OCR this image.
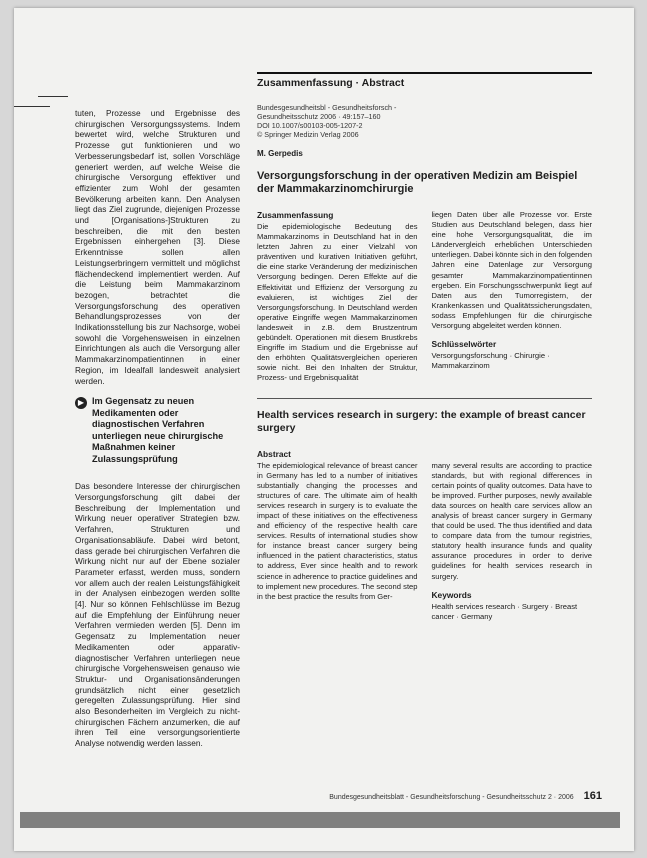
tuten, Prozesse und Ergebnisse des chirurgischen Versorgungssystems. Indem bewertet wird, welche Strukturen und Prozesse gut funktionieren und wo Verbesserungsbedarf ist, sollen Vorschläge generiert werden, auf welche Weise die chirurgische Versorgung effektiver und effizienter zum Wohl der gesamten Bevölkerung arbeiten kann. Den Analysen liegt das Ziel zugrunde, diejenigen Prozesse und [Organisations-]Strukturen zu beschreiben, die mit den besten Ergebnissen einhergehen [3]. Diese Erkenntnisse sollen allen Leistungserbringern vermittelt und möglichst flächendeckend implementiert werden. Auf die Leistung beim Mammakarzinom bezogen, betrachtet die Versorgungsforschung des operativen Behandlungsprozesses von der Indikationsstellung bis zur Nachsorge, wobei sowohl die Vorgehensweisen in einzelnen Einrichtungen als auch die Versorgung aller Mammakarzinompatientinnen in einer Region, im Idealfall landesweit analysiert werden.

▶ Im Gegensatz zu neuen Medikamenten oder diagnostischen Verfahren unterliegen neue chirurgische Maßnahmen keiner Zulassungsprüfung

Das besondere Interesse der chirurgischen Versorgungsforschung gilt dabei der Beschreibung der Implementation und Wirkung neuer operativer Strategien bzw. Verfahren, Strukturen und Organisationsabläufe. Dabei wird betont, dass gerade bei chirurgischen Verfahren die Wirkung nicht nur auf der Ebene sozialer Parameter erfasst, werden muss, sondern vor allem auch der realen Leistungsfähigkeit in der Analysen einbezogen werden sollte [4]. Nur so können Fehlschlüsse im Bezug auf die Empfehlung der Einführung neuer Verfahren vermieden werden [5]. Denn im Gegensatz zu Implementation neuer Medikamenten oder apparativ-diagnostischer Verfahren unterliegen neue chirurgische Vorgehensweisen genauso wie Struktur- und Organisationsänderungen grundsätzlich nicht einer gesetzlich geregelten Zulassungsprüfung. Hier sind also Besonderheiten im Vergleich zu nicht-chirurgischen Fächern anzumerken, die auf ihren Teil eine versorgungsorientierte Analyse notwendig werden lassen.

Zusammenfassung · Abstract
Bundesgesundheitsbl - Gesundheitsforsch -
Gesundheitsschutz 2006 · 49:157–160
DOI 10.1007/s00103-005-1207-2
© Springer Medizin Verlag 2006
M. Gerpedis
Versorgungsforschung in der operativen Medizin am Beispiel der Mammakarzinomchirurgie
Zusammenfassung

Die epidemiologische Bedeutung des Mammakarzinoms in Deutschland hat in den letzten Jahren zu einer Vielzahl von präventiven und kurativen Initiativen geführt, die eine starke Veränderung der medizinischen Versorgung bedingen. Deren Effekte auf die Effektivität und Effizienz der Versorgung zu evaluieren, ist wichtiges Ziel der Versorgungsforschung. In Deutschland werden operative Eingriffe wegen Mammakarzinomen landesweit in z.B. dem Brustzentrum gebündelt. Operationen mit diesem Brustkrebs Eingriffe im Stadium und die Ergebnisse auf den erhöhten Qualitätsvergleichen operieren sowie nicht. Bei den Inhalten der Struktur, Prozess- und Ergebnisqualität

liegen Daten über alle Prozesse vor. Erste Studien aus Deutschland belegen, dass hier eine hohe Versorgungsqualität, die im Ländervergleich erheblichen Unterschieden unterliegen. Dabei könnte sich in den folgenden Jahren eine Datenlage zur Versorgung gesamter Mammakarzinompatientinnen ergeben. Ein Forschungsschwerpunkt liegt auf Daten aus den Tumorregistern, der Krankenkassen und Qualitätssicherungsdaten, sodass Empfehlungen für die chirurgische Versorgung abgeleitet werden können.

Schlüsselwörter

Versorgungsforschung · Chirurgie · Mammakarzinom

Health services research in surgery: the example of breast cancer surgery
Abstract

The epidemiological relevance of breast cancer in Germany has led to a number of initiatives substantially changing the processes and structures of care. The ultimate aim of health services research in surgery is to evaluate the impact of these initiatives on the effectiveness and efficiency of the respective health care services. Results of international studies show for instance breast cancer surgery being influenced in the patient characteristics, status to address, Ever since health and to rework science in adherence to practice guidelines and to implement new procedures. The second step in the best practice the results from Ger-

many several results are according to practice standards, but with regional differences in certain points of quality outcomes. Data have to be improved. Further purposes, newly available data sources on health care services allow an analysis of breast cancer surgery in Germany that could be used. The thus identified and data to compare data from the tumour registries, statutory health insurance funds and quality assurance procedures in order to derive guidelines for health services research in surgery.

Keywords

Health services research · Surgery · Breast cancer · Germany

Bundesgesundheitsblatt - Gesundheitsforschung - Gesundheitsschutz 2 · 2006 161
